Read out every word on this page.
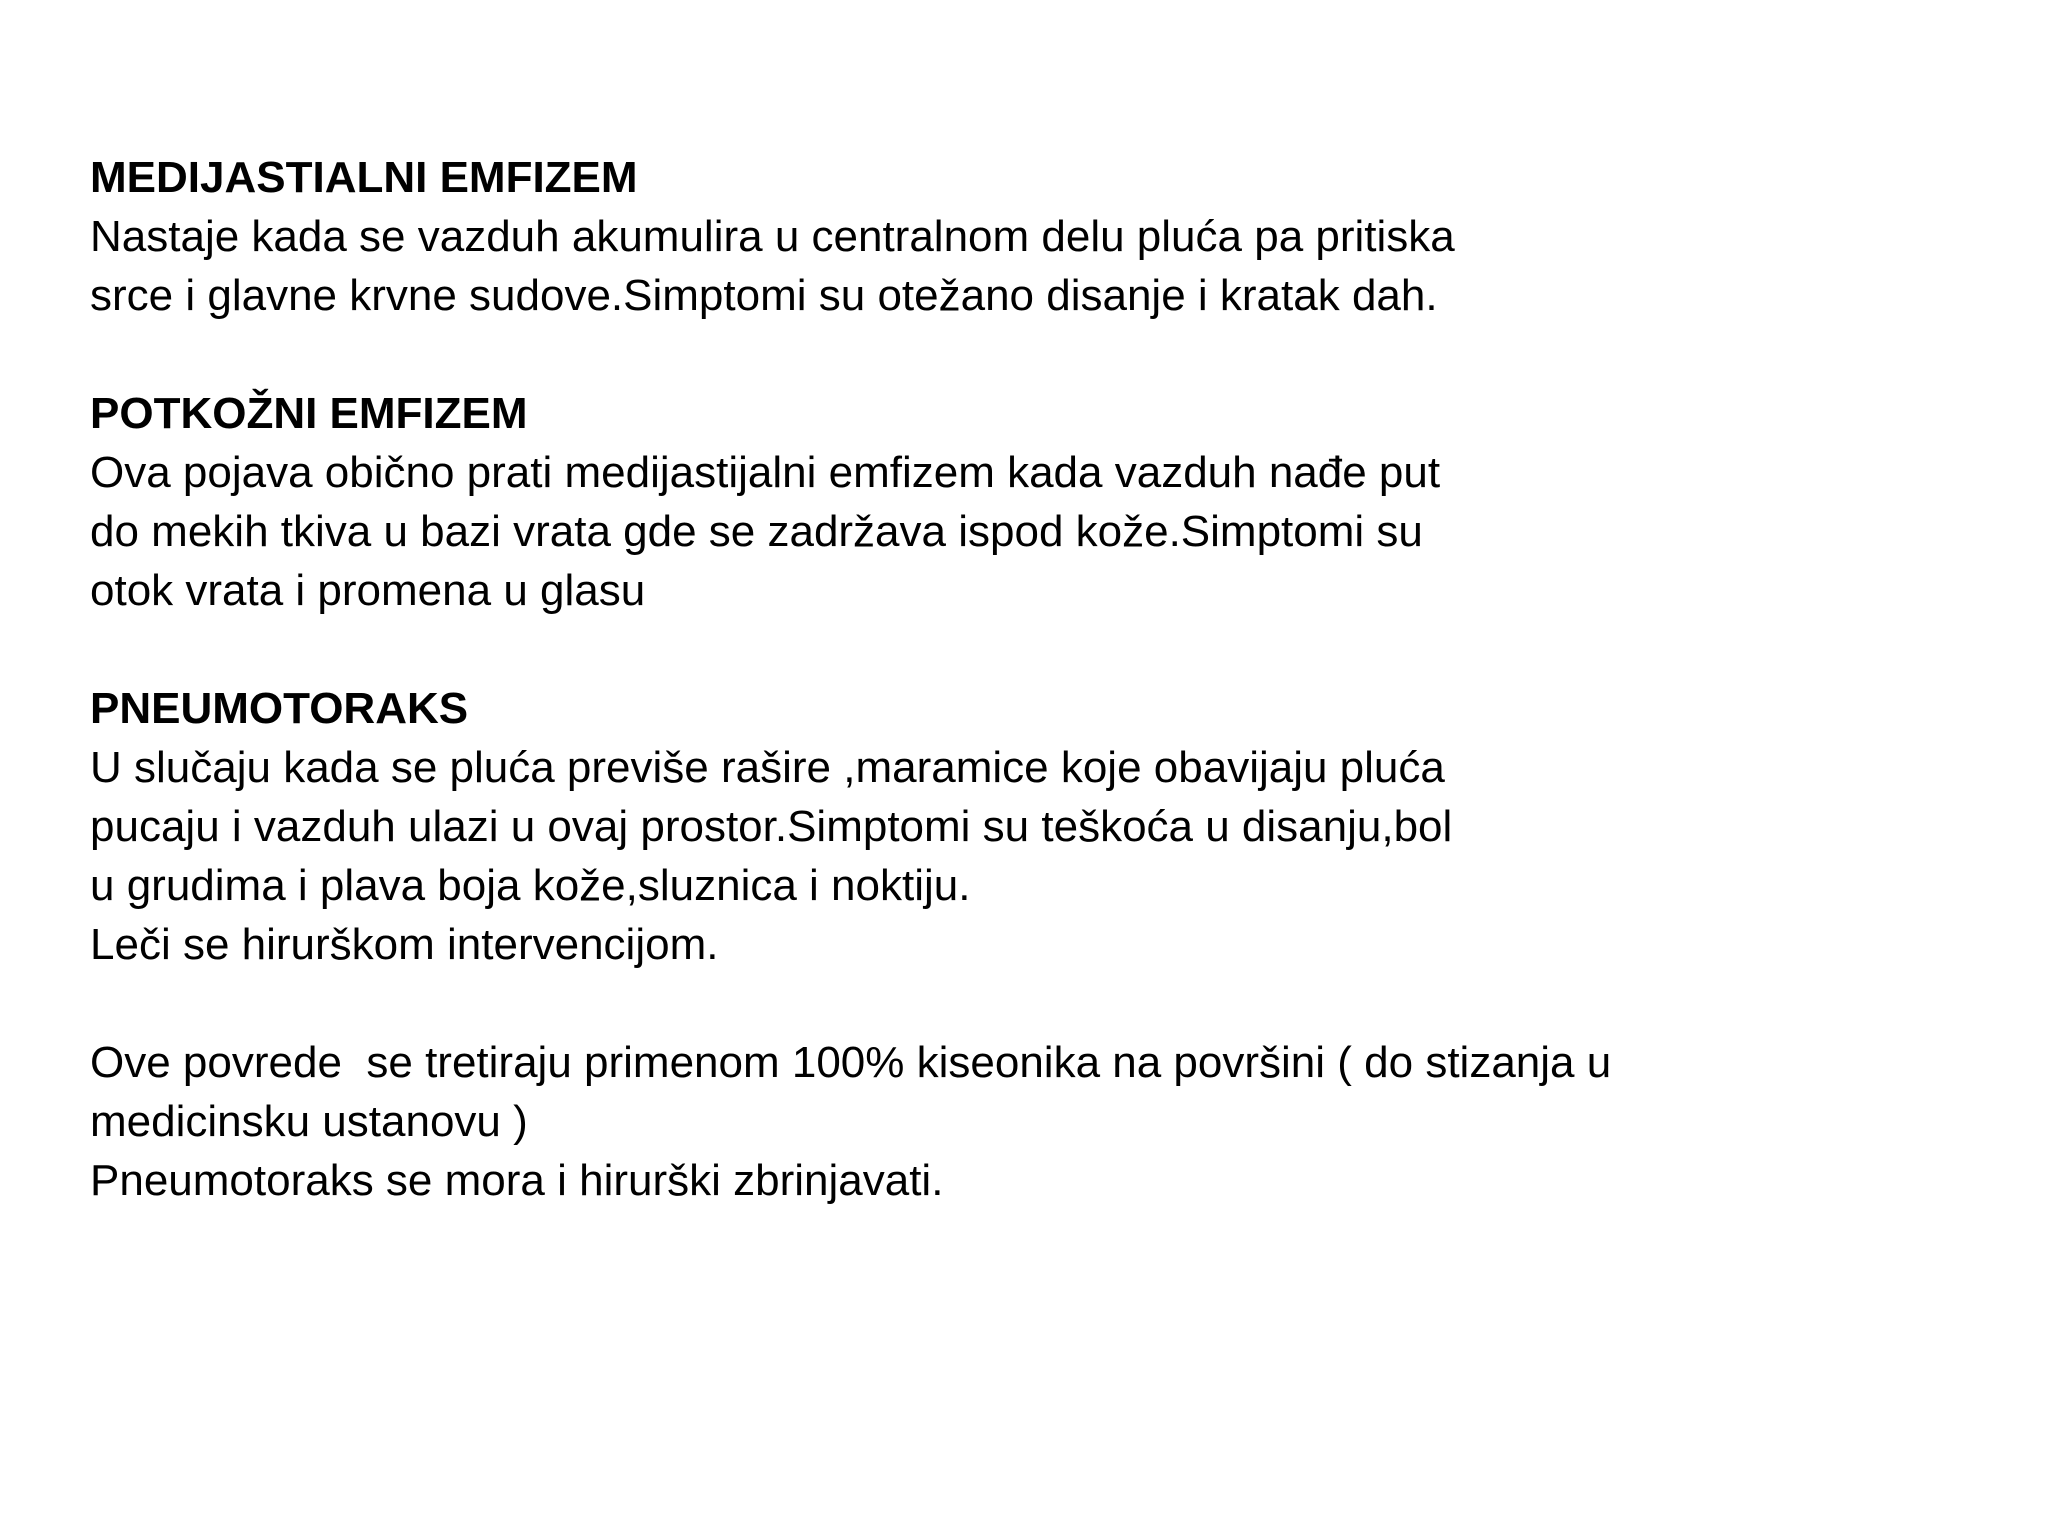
MEDIJASTIALNI EMFIZEM
Nastaje kada se vazduh akumulira u centralnom delu pluća pa pritiska
srce i glavne krvne sudove.Simptomi su otežano disanje i kratak dah.
POTKOŽNI EMFIZEM
Ova pojava obično prati medijastijalni emfizem kada vazduh nađe put
do mekih tkiva u bazi vrata gde se zadržava ispod kože.Simptomi su
otok vrata i promena u glasu
PNEUMOTORAKS
U slučaju kada se pluća previše rašire ,maramice koje obavijaju pluća
pucaju i vazduh ulazi u ovaj prostor.Simptomi su teškoća u disanju,bol
u grudima i plava boja kože,sluznica i noktiju.
Leči se hirurškom intervencijom.
Ove povrede  se tretiraju primenom 100% kiseonika na površini ( do stizanja u
medicinsku ustanovu )
Pneumotoraks se mora i hirurški zbrinjavati.
